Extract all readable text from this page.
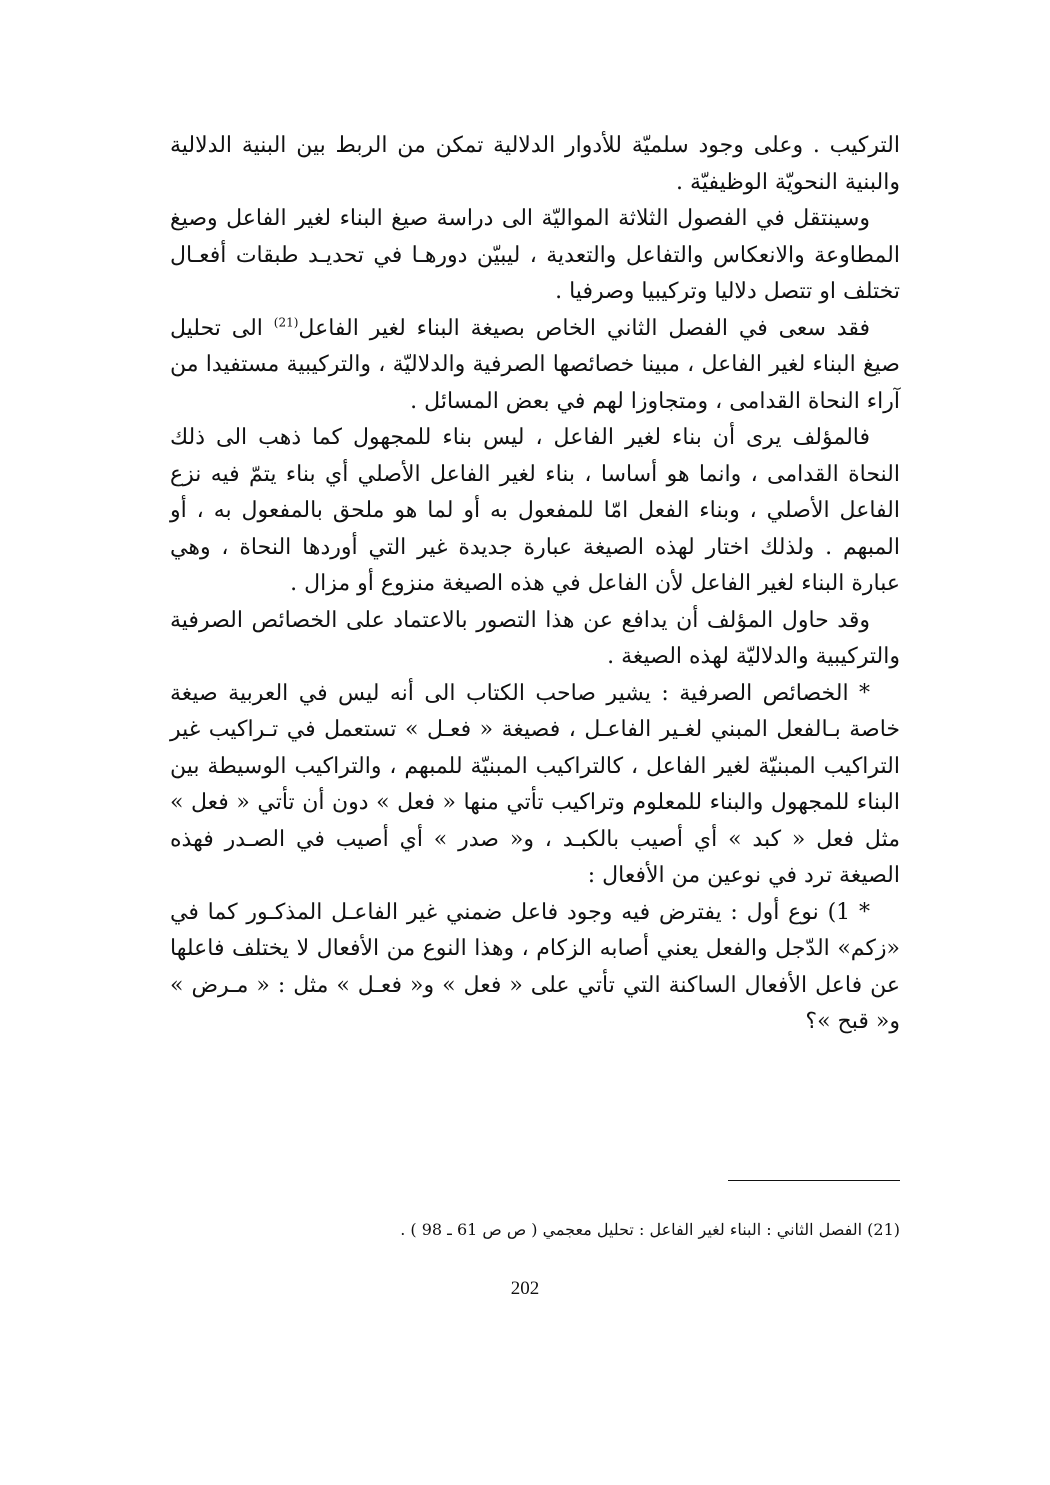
التركيب . وعلى وجود سلميّة للأدوار الدلالية تمكن من الربط بين البنية الدلالية والبنية النحويّة الوظيفيّة .

وسينتقل في الفصول الثلاثة المواليّة الى دراسة صيغ البناء لغير الفاعل وصيغ المطاوعة والانعكاس والتفاعل والتعدية ، ليبيّن دورهـا في تحديـد طبقات أفعـال تختلف او تتصل دلاليا وتركيبيا وصرفيا .

فقد سعى في الفصل الثاني الخاص بصيغة البناء لغير الفاعل$^{(21)}$ الى تحليل صيغ البناء لغير الفاعل ، مبينا خصائصها الصرفية والدلاليّة ، والتركيبية مستفيدا من آراء النحاة القدامى ، ومتجاوزا لهم في بعض المسائل .

فالمؤلف يرى أن بناء لغير الفاعل ، ليس بناء للمجهول كما ذهب الى ذلك النحاة القدامى ، وانما هو أساسا ، بناء لغير الفاعل الأصلي أي بناء يتمّ فيه نزع الفاعل الأصلي ، وبناء الفعل امّا للمفعول به أو لما هو ملحق بالمفعول به ، أو المبهم . ولذلك اختار لهذه الصيغة عبارة جديدة غير التي أوردها النحاة ، وهي عبارة البناء لغير الفاعل لأن الفاعل في هذه الصيغة منزوع أو مزال .

وقد حاول المؤلف أن يدافع عن هذا التصور بالاعتماد على الخصائص الصرفية والتركيبية والدلاليّة لهذه الصيغة .

* الخصائص الصرفية : يشير صاحب الكتاب الى أنه ليس في العربية صيغة خاصة بـالفعل المبني لغـير الفاعـل ، فصيغة « فعـل » تستعمل في تـراكيب غير التراكيب المبنيّة لغير الفاعل ، كالتراكيب المبنيّة للمبهم ، والتراكيب الوسيطة بين البناء للمجهول والبناء للمعلوم وتراكيب تأتي منها « فعل » دون أن تأتي « فعل » مثل فعل « كبد » أي أصيب بالكبـد ، و« صدر » أي أصيب في الصـدر فهذه الصيغة ترد في نوعين من الأفعال :

* 1) نوع أول : يفترض فيه وجود فاعل ضمني غير الفاعـل المذكـور كما في «زكم» الدّجل والفعل يعني أصابه الزكام ، وهذا النوع من الأفعال لا يختلف فاعلها عن فاعل الأفعال الساكنة التي تأتي على « فعل » و« فعـل » مثل : « مـرض » و« قبح »؟

(21) الفصل الثاني : البناء لغير الفاعل : تحليل معجمي ( ص ص 61 ـ 98 ) .
202
